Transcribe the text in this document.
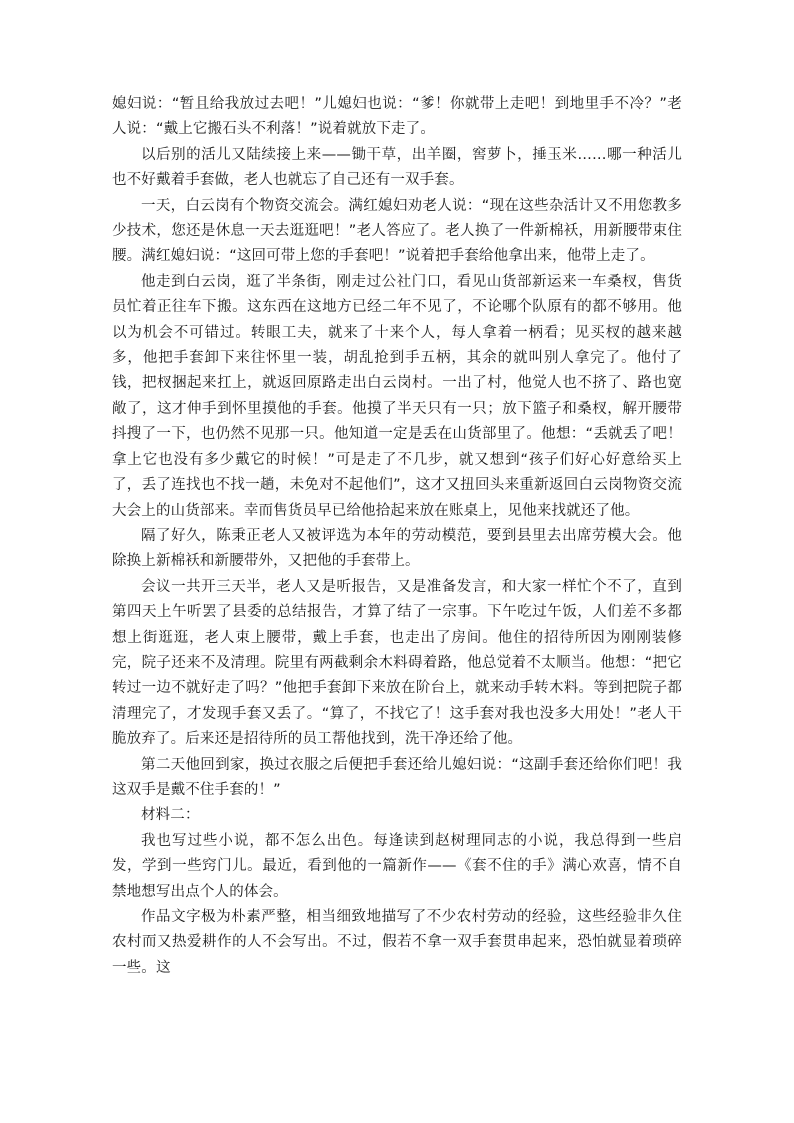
媳妇说：“暂且给我放过去吧！”儿媳妇也说：“爹！你就带上走吧！到地里手不冷？”老人说：“戴上它搬石头不利落！”说着就放下走了。

以后别的活儿又陆续接上来——锄干草，出羊圈，窖萝卜，捶玉米……哪一种活儿也不好戴着手套做，老人也就忘了自己还有一双手套。

一天，白云岗有个物资交流会。满红媳妇劝老人说：“现在这些杂活计又不用您教多少技术，您还是休息一天去逛逛吧！”老人答应了。老人换了一件新棉袄，用新腰带束住腰。满红媳妇说：“这回可带上您的手套吧！”说着把手套给他拿出来，他带上走了。

他走到白云岗，逛了半条街，刚走过公社门口，看见山货部新运来一车桑杈，售货员忙着正往车下搬。这东西在这地方已经二年不见了，不论哪个队原有的都不够用。他以为机会不可错过。转眼工夫，就来了十来个人，每人拿着一柄看；见买杈的越来越多，他把手套卸下来往怀里一装，胡乱抢到手五柄，其余的就叫别人拿完了。他付了钱，把杈捆起来扛上，就返回原路走出白云岗村。一出了村，他觉人也不挤了、路也宽敞了，这才伸手到怀里摸他的手套。他摸了半天只有一只；放下篮子和桑杈，解开腰带抖搜了一下，也仍然不见那一只。他知道一定是丢在山货部里了。他想：“丢就丢了吧！拿上它也没有多少戴它的时候！”可是走了不几步，就又想到“孩子们好心好意给买上了，丢了连找也不找一趟，未免对不起他们”，这才又扭回头来重新返回白云岗物资交流大会上的山货部来。幸而售货员早已给他拾起来放在账桌上，见他来找就还了他。

隔了好久，陈秉正老人又被评选为本年的劳动模范，要到县里去出席劳模大会。他除换上新棉袄和新腰带外，又把他的手套带上。

会议一共开三天半，老人又是听报告，又是准备发言，和大家一样忙个不了，直到第四天上午听罢了县委的总结报告，才算了结了一宗事。下午吃过午饭，人们差不多都想上街逛逛，老人束上腰带，戴上手套，也走出了房间。他住的招待所因为刚刚装修完，院子还来不及清理。院里有两截剩余木料碍着路，他总觉着不太顺当。他想：“把它转过一边不就好走了吗？”他把手套卸下来放在阶台上，就来动手转木料。等到把院子都清理完了，才发现手套又丢了。“算了，不找它了！这手套对我也没多大用处！”老人干脆放弃了。后来还是招待所的员工帮他找到，洗干净还给了他。

第二天他回到家，换过衣服之后便把手套还给儿媳妇说：“这副手套还给你们吧！我这双手是戴不住手套的！”

材料二：

我也写过些小说，都不怎么出色。每逢读到赵树理同志的小说，我总得到一些启发，学到一些窍门儿。最近，看到他的一篇新作——《套不住的手》满心欢喜，情不自禁地想写出点个人的体会。

作品文字极为朴素严整，相当细致地描写了不少农村劳动的经验，这些经验非久住农村而又热爱耕作的人不会写出。不过，假若不拿一双手套贯串起来，恐怕就显着琐碎一些。这
